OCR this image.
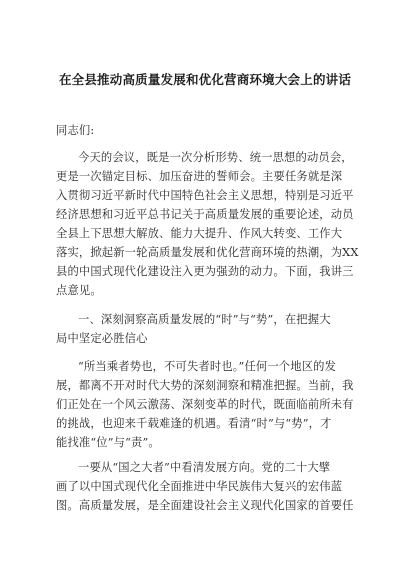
在全县推动高质量发展和优化营商环境大会上的讲话
同志们:
今天的会议，既是一次分析形势、统一思想的动员会，
更是一次锚定目标、加压奋进的誓师会。主要任务就是深
入贯彻习近平新时代中国特色社会主义思想，特别是习近平
经济思想和习近平总书记关于高质量发展的重要论述，动员
全县上下思想大解放、能力大提升、作风大转变、工作大
落实，掀起新一轮高质量发展和优化营商环境的热潮，为XX
县的中国式现代化建设注入更为强劲的动力。下面，我讲三
点意见。
一、深刻洞察高质量发展的“时”与“势”，在把握大
局中坚定必胜信心
“所当乘者势也，不可失者时也。”任何一个地区的发
展，都离不开对时代大势的深刻洞察和精准把握。当前，我
们正处在一个风云激荡、深刻变革的时代，既面临前所未有
的挑战，也迎来千载难逢的机遇。看清“时”与“势”，才
能找准“位”与“责”。
一要从“国之大者”中看清发展方向。党的二十大擘
画了以中国式现代化全面推进中华民族伟大复兴的宏伟蓝
图。高质量发展，是全面建设社会主义现代化国家的首要任
